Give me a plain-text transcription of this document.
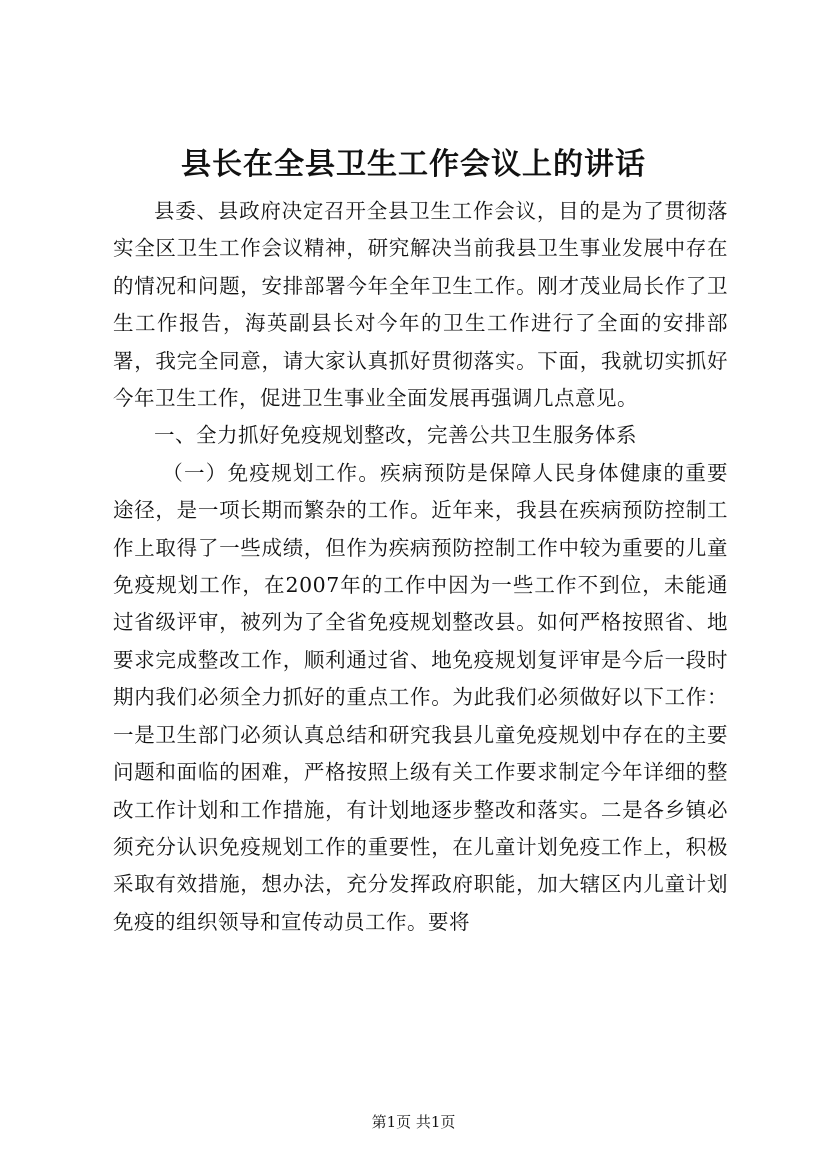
县长在全县卫生工作会议上的讲话

县委、县政府决定召开全县卫生工作会议，目的是为了贯彻落实全区卫生工作会议精神，研究解决当前我县卫生事业发展中存在的情况和问题，安排部署今年全年卫生工作。刚才茂业局长作了卫生工作报告，海英副县长对今年的卫生工作进行了全面的安排部署，我完全同意，请大家认真抓好贯彻落实。下面，我就切实抓好今年卫生工作，促进卫生事业全面发展再强调几点意见。

一、全力抓好免疫规划整改，完善公共卫生服务体系

（一）免疫规划工作。疾病预防是保障人民身体健康的重要途径，是一项长期而繁杂的工作。近年来，我县在疾病预防控制工作上取得了一些成绩，但作为疾病预防控制工作中较为重要的儿童免疫规划工作，在2007年的工作中因为一些工作不到位，未能通过省级评审，被列为了全省免疫规划整改县。如何严格按照省、地要求完成整改工作，顺利通过省、地免疫规划复评审是今后一段时期内我们必须全力抓好的重点工作。为此我们必须做好以下工作：一是卫生部门必须认真总结和研究我县儿童免疫规划中存在的主要问题和面临的困难，严格按照上级有关工作要求制定今年详细的整改工作计划和工作措施，有计划地逐步整改和落实。二是各乡镇必须充分认识免疫规划工作的重要性，在儿童计划免疫工作上，积极采取有效措施，想办法，充分发挥政府职能，加大辖区内儿童计划免疫的组织领导和宣传动员工作。要将

第1页 共1页
